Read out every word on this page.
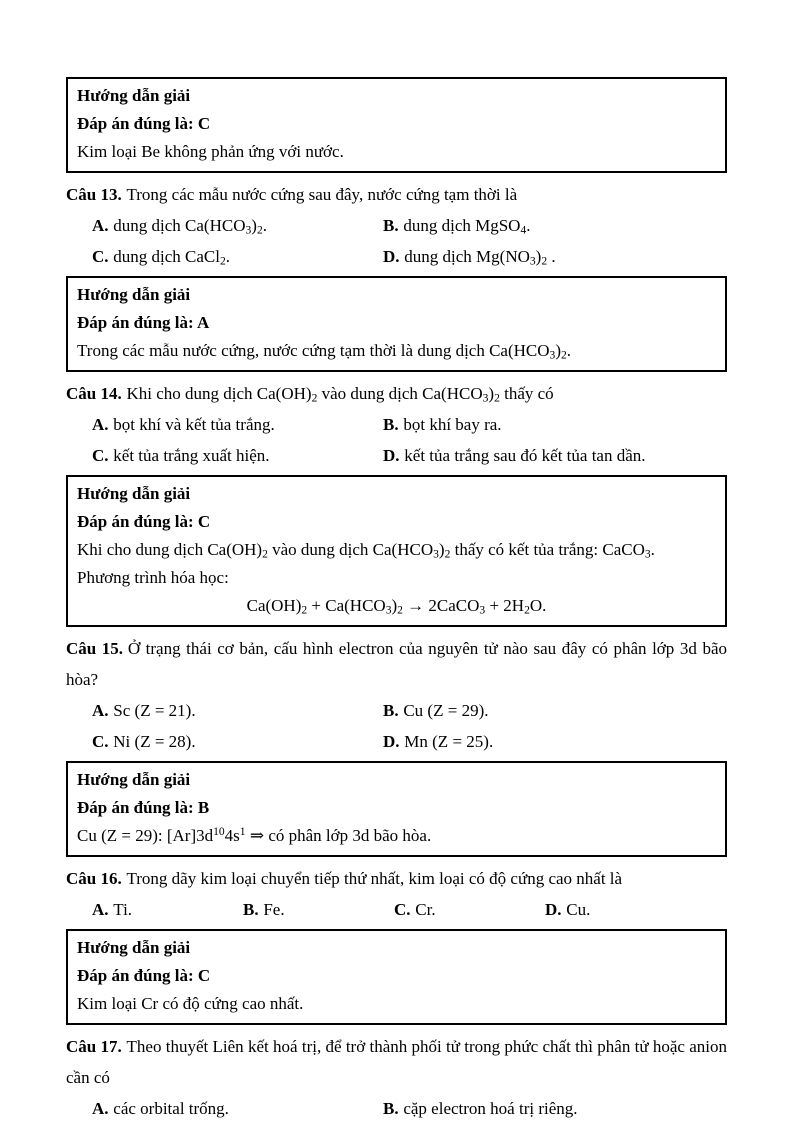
Hướng dẫn giải

Đáp án đúng là: C

Kim loại Be không phản ứng với nước.

Câu 13. Trong các mẫu nước cứng sau đây, nước cứng tạm thời là

A. dung dịch $Ca(HCO_3)_2$.	B. dung dịch MgSO$_4$.

C. dung dịch CaCl$_2$.	D. dung dịch $Mg(NO_3)_2$ .

Hướng dẫn giải

Đáp án đúng là: A

Trong các mẫu nước cứng, nước cứng tạm thời là dung dịch $Ca(HCO_3)_2$.

Câu 14. Khi cho dung dịch $Ca(OH)_2$ vào dung dịch $Ca(HCO_3)_2$ thấy có

A. bọt khí và kết tủa trắng.	B. bọt khí bay ra.

C. kết tủa trắng xuất hiện.	D. kết tủa trắng sau đó kết tủa tan dần.

Hướng dẫn giải

Đáp án đúng là: C

Khi cho dung dịch $Ca(OH)_2$ vào dung dịch $Ca(HCO_3)_2$ thấy có kết tủa trắng: CaCO$_3$.

Phương trình hóa học:

$Ca(OH)_2 + Ca(HCO_3)_2$ → 2CaCO$_3$ + $2H_2O$.

Câu 15. Ở trạng thái cơ bản, cấu hình electron của nguyên tử nào sau đây có phân lớp 3d bão hòa?

A. Sc (Z = 21).	B. Cu (Z = 29).

C. Ni (Z = 28).	D. Mn (Z = 25).

Hướng dẫn giải

Đáp án đúng là: B

Cu (Z = 29): $[Ar]3d^{10}4s^1$ ⇒ có phân lớp 3d bão hòa.

Câu 16. Trong dãy kim loại chuyển tiếp thứ nhất, kim loại có độ cứng cao nhất là

A. Ti.	B. Fe.	C. Cr.	D. Cu.

Hướng dẫn giải

Đáp án đúng là: C

Kim loại Cr có độ cứng cao nhất.

Câu 17. Theo thuyết Liên kết hoá trị, để trở thành phối tử trong phức chất thì phân tử hoặc anion cần có

A. các orbital trống.	B. cặp electron hoá trị riêng.
